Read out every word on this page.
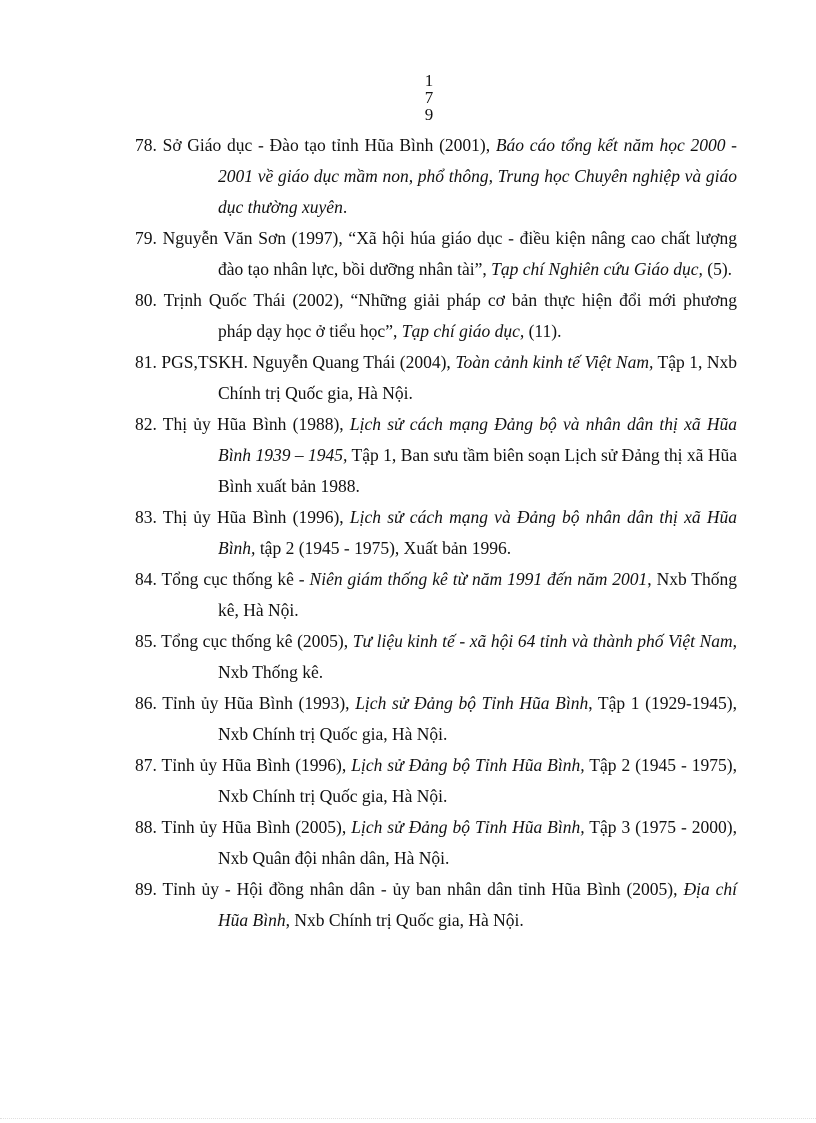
1
7
9
78. Sở Giáo dục - Đào tạo tỉnh Hũa Bình (2001), Báo cáo tổng kết năm học 2000 - 2001 về giáo dục mầm non, phổ thông, Trung học Chuyên nghiệp và giáo dục thường xuyên.
79. Nguyễn Văn Sơn (1997), “Xã hội húa giáo dục - điều kiện nâng cao chất lượng đào tạo nhân lực, bồi dưỡng nhân tài”, Tạp chí Nghiên cứu Giáo dục, (5).
80. Trịnh Quốc Thái (2002), “Những giải pháp cơ bản thực hiện đổi mới phương pháp dạy học ở tiểu học”, Tạp chí giáo dục, (11).
81. PGS,TSKH. Nguyễn Quang Thái (2004), Toàn cảnh kinh tế Việt Nam, Tập 1, Nxb Chính trị Quốc gia, Hà Nội.
82. Thị ủy Hũa Bình (1988), Lịch sử cách mạng Đảng bộ và nhân dân thị xã Hũa Bình 1939 – 1945, Tập 1, Ban sưu tầm biên soạn Lịch sử Đảng thị xã Hũa Bình xuất bản 1988.
83. Thị ủy Hũa Bình (1996), Lịch sử cách mạng và Đảng bộ nhân dân thị xã Hũa Bình, tập 2 (1945 - 1975), Xuất bản 1996.
84. Tổng cục thống kê - Niên giám thống kê từ năm 1991 đến năm 2001, Nxb Thống kê, Hà Nội.
85. Tổng cục thống kê (2005), Tư liệu kinh tế - xã hội 64 tỉnh và thành phố Việt Nam, Nxb Thống kê.
86. Tỉnh ủy Hũa Bình (1993), Lịch sử Đảng bộ Tỉnh Hũa Bình, Tập 1 (1929-1945), Nxb Chính trị Quốc gia, Hà Nội.
87. Tỉnh ủy Hũa Bình (1996), Lịch sử Đảng bộ Tỉnh Hũa Bình, Tập 2 (1945 - 1975), Nxb Chính trị Quốc gia, Hà Nội.
88. Tỉnh ủy Hũa Bình (2005), Lịch sử Đảng bộ Tỉnh Hũa Bình, Tập 3 (1975 - 2000), Nxb Quân đội nhân dân, Hà Nội.
89. Tỉnh ủy - Hội đồng nhân dân - ủy ban nhân dân tỉnh Hũa Bình (2005), Địa chí Hũa Bình, Nxb Chính trị Quốc gia, Hà Nội.
